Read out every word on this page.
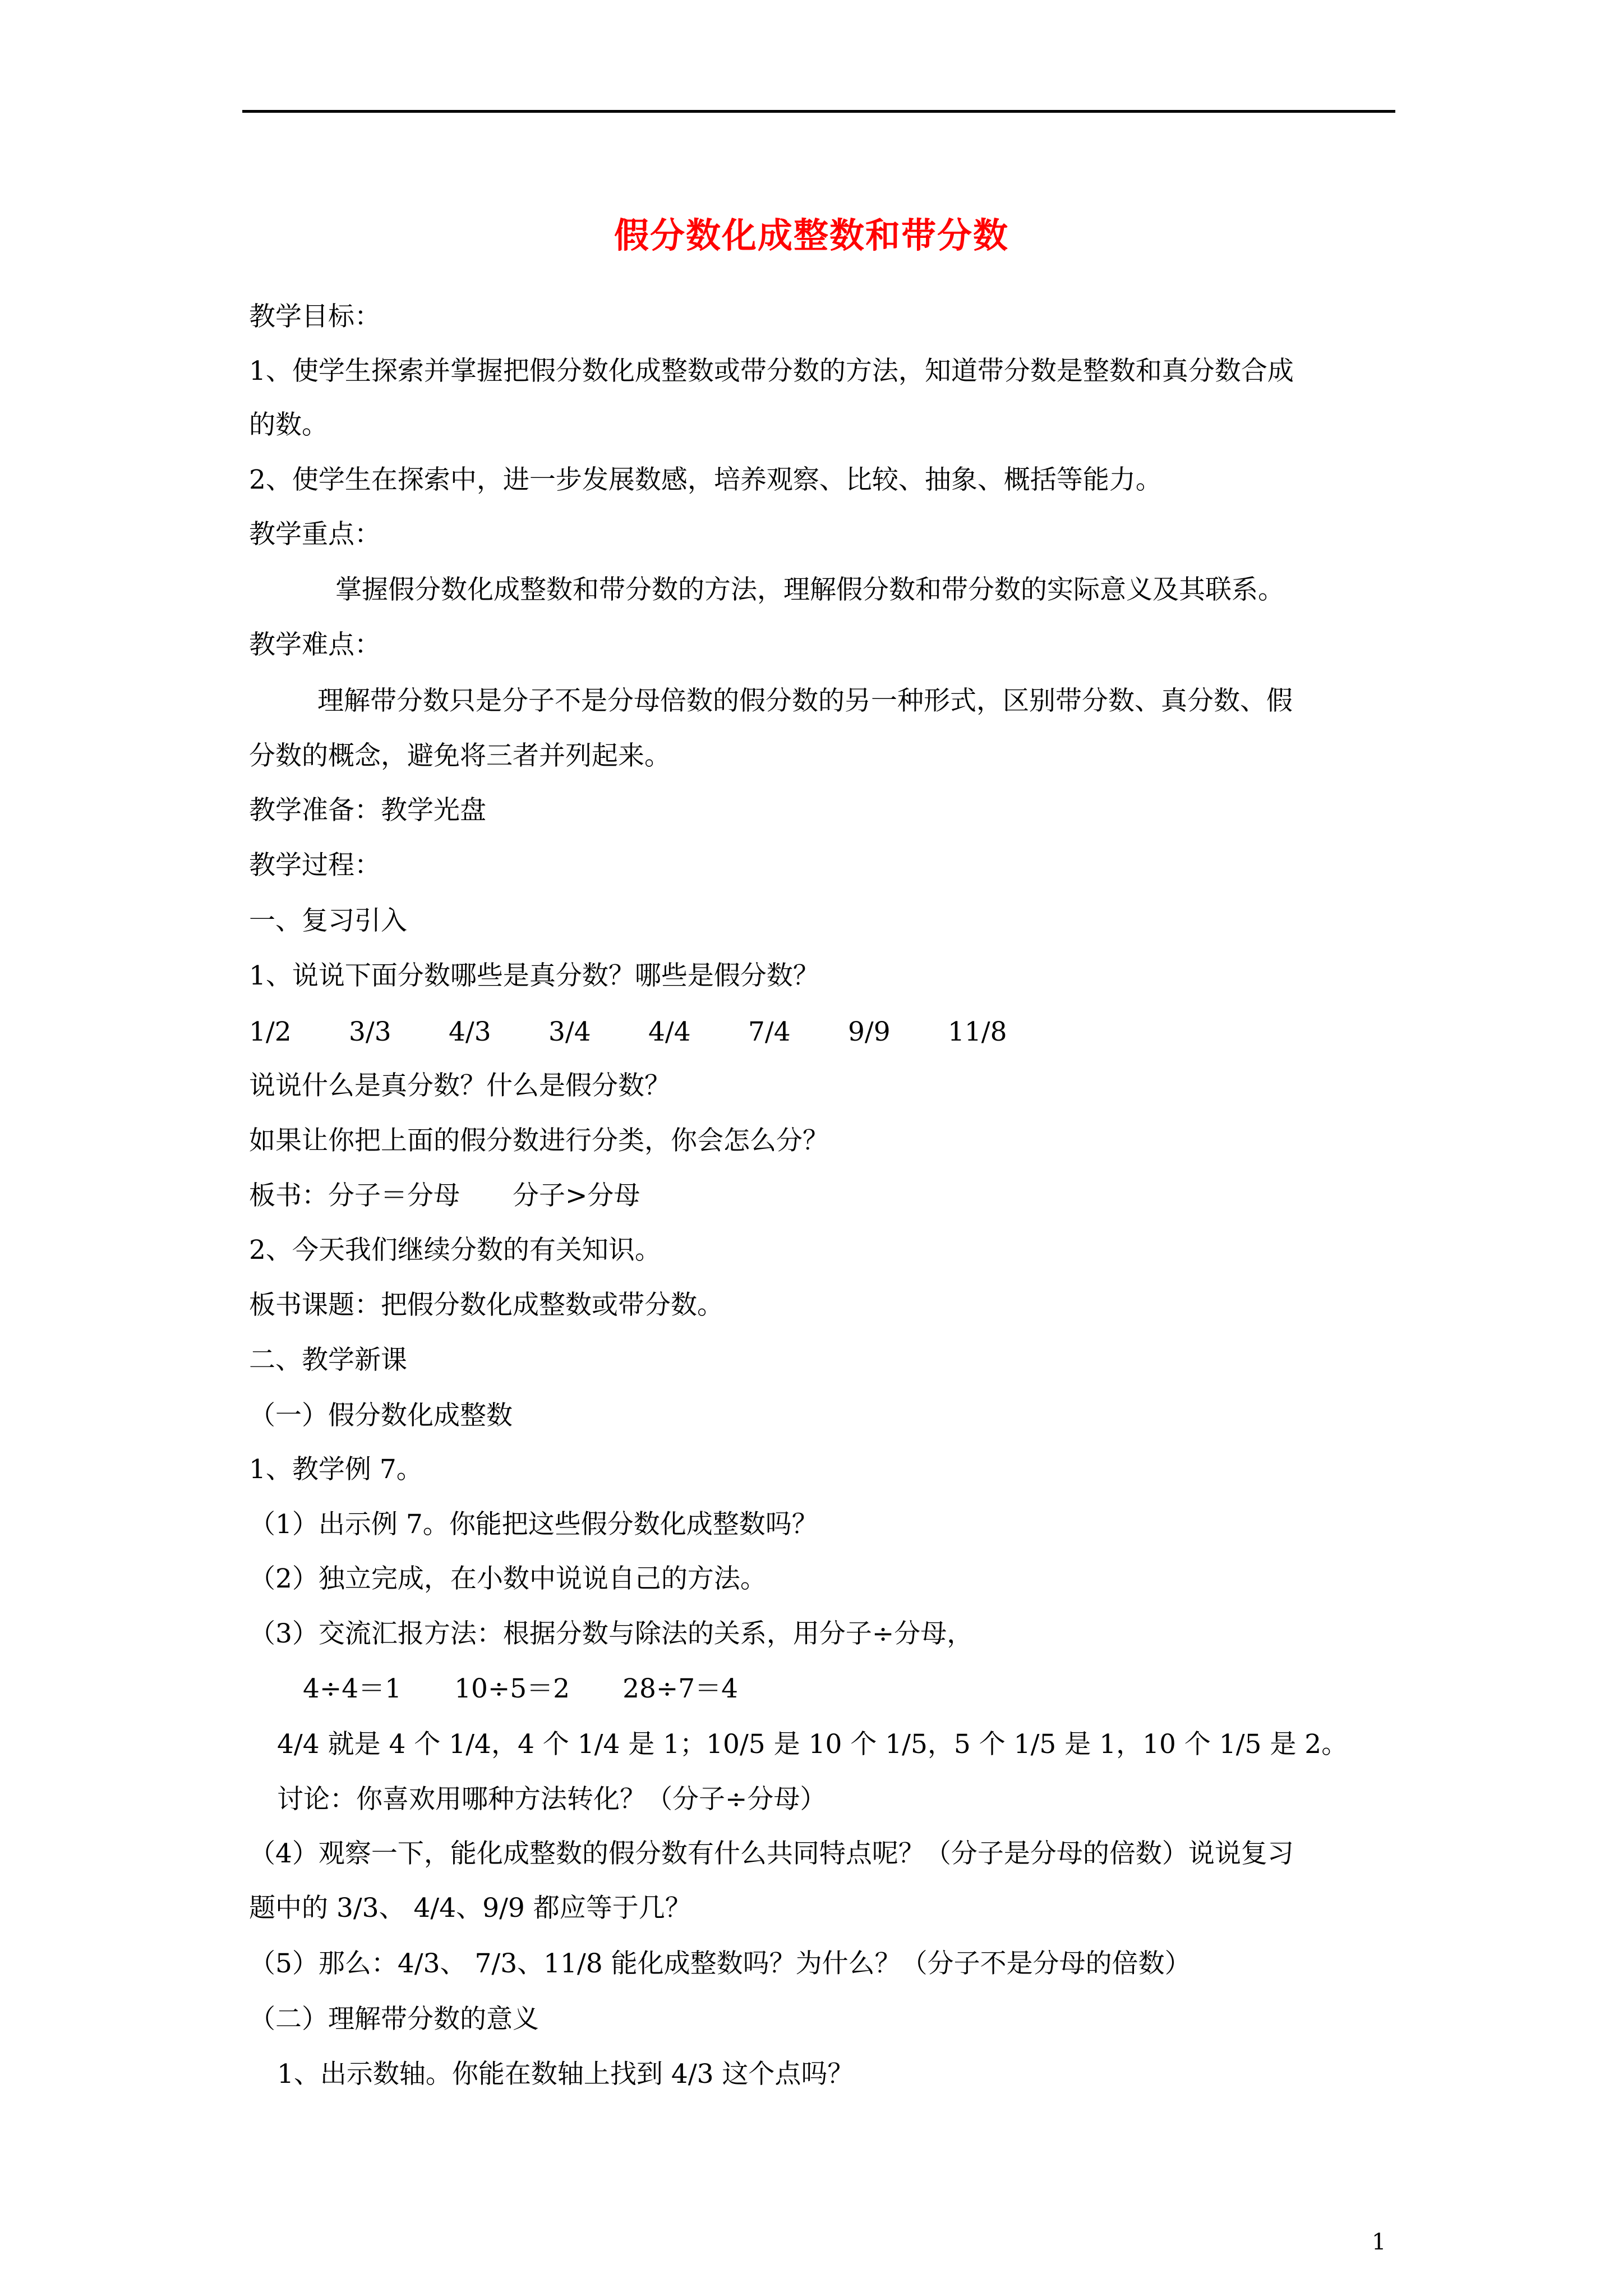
假分数化成整数和带分数
教学目标：
1、使学生探索并掌握把假分数化成整数或带分数的方法，知道带分数是整数和真分数合成
的数。
2、使学生在探索中，进一步发展数感，培养观察、比较、抽象、概括等能力。
教学重点：
掌握假分数化成整数和带分数的方法，理解假分数和带分数的实际意义及其联系。
教学难点：
理解带分数只是分子不是分母倍数的假分数的另一种形式，区别带分数、真分数、假
分数的概念，避免将三者并列起来。
教学准备：教学光盘
教学过程：
一、复习引入
1、说说下面分数哪些是真分数？哪些是假分数？
1/2 3/3 4/3 3/4 4/4 7/4 9/9 11/8
说说什么是真分数？什么是假分数？
如果让你把上面的假分数进行分类，你会怎么分？
板书：分子＝分母　　分子>分母
2、今天我们继续分数的有关知识。
板书课题：把假分数化成整数或带分数。
二、教学新课
（一）假分数化成整数
1、教学例 7。
（1）出示例 7。你能把这些假分数化成整数吗？
（2）独立完成，在小数中说说自己的方法。
（3）交流汇报方法：根据分数与除法的关系，用分子÷分母，
4÷4＝1　　10÷5＝2　　28÷7＝4
4/4 就是 4 个 1/4，4 个 1/4 是 1；10/5 是 10 个 1/5，5 个 1/5 是 1，10 个 1/5 是 2。
讨论：你喜欢用哪种方法转化？（分子÷分母）
（4）观察一下，能化成整数的假分数有什么共同特点呢？（分子是分母的倍数）说说复习
题中的 3/3、 4/4、9/9 都应等于几？
（5）那么：4/3、 7/3、11/8 能化成整数吗？为什么？（分子不是分母的倍数）
（二）理解带分数的意义
1、出示数轴。你能在数轴上找到 4/3 这个点吗？
1
